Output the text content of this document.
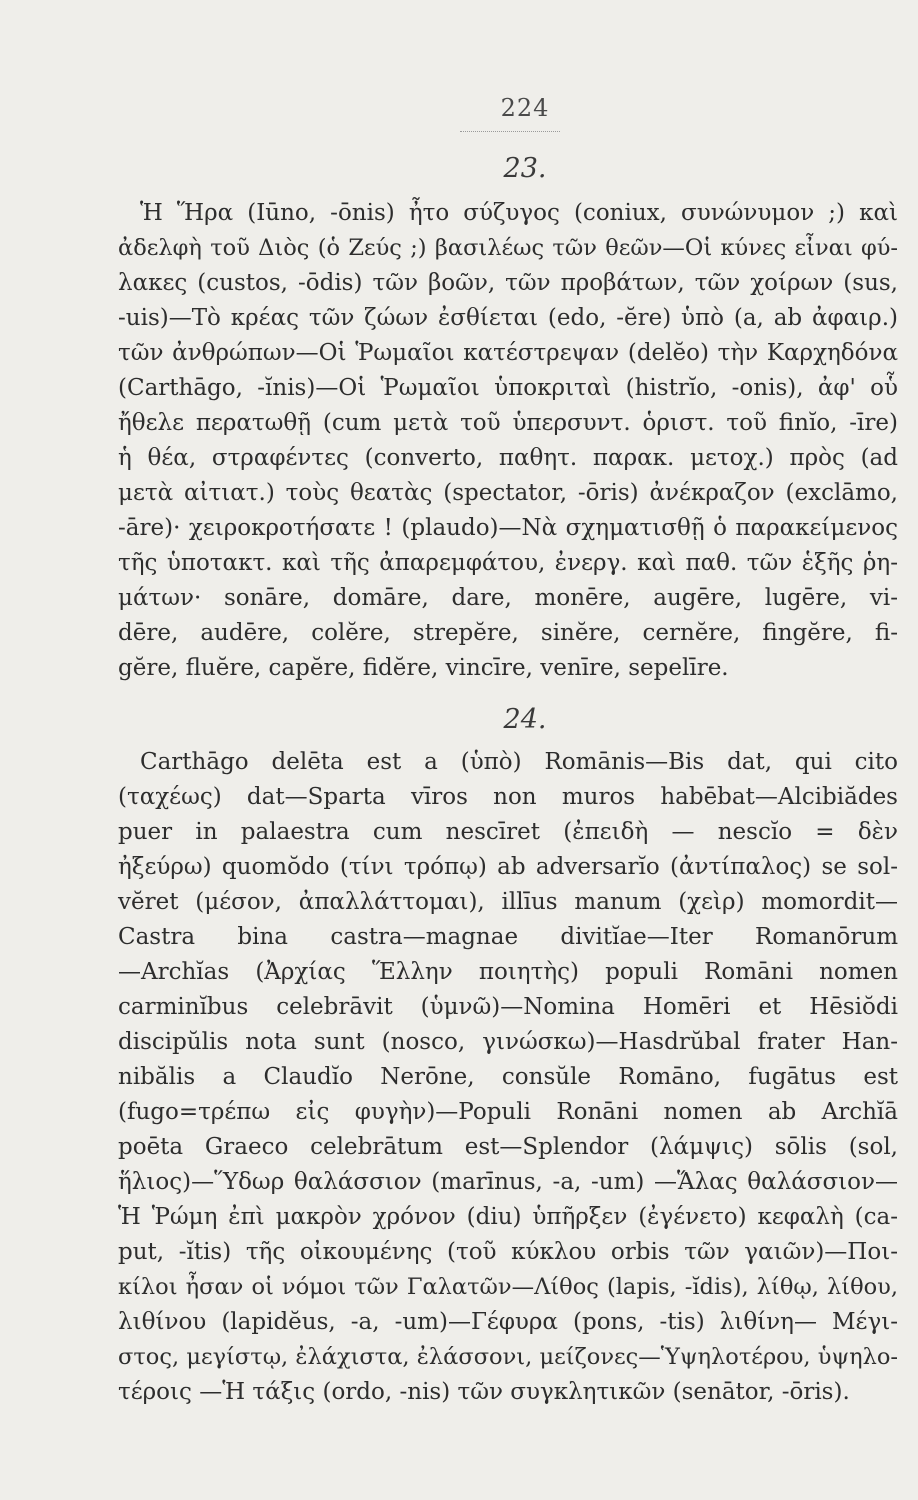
224
23.
Ἡ Ἥρα (Iūno, -ōnis) ἦτο σύζυγος (coniux, συνώνυμον ;) καὶ
ἀδελφὴ τοῦ Διὸς (ὁ Ζεύς ;) βασιλέως τῶν θεῶν—Οἱ κύνες εἶναι φύ-
λακες (custos, -ōdis) τῶν βοῶν, τῶν προβάτων, τῶν χοίρων (sus,
-uis)—Τὸ κρέας τῶν ζώων ἐσθίεται (edo, -ĕre) ὑπὸ (a, ab ἀφαιρ.)
τῶν ἀνθρώπων—Οἱ Ῥωμαῖοι κατέστρεψαν (delĕo) τὴν Καρχηδόνα
(Carthāgo, -ĭnis)—Οἱ Ῥωμαῖοι ὑποκριταὶ (histrĭo, -onis), ἀφ' οὗ
ἤθελε περατωθῇ (cum μετὰ τοῦ ὑπερσυντ. ὁριστ. τοῦ finĭo, -īre)
ἡ θέα, στραφέντες (converto, παθητ. παρακ. μετοχ.) πρὸς (ad
μετὰ αἰτιατ.) τοὺς θεατὰς (spectator, -ōris) ἀνέκραζον (exclāmo,
-āre)· χειροκροτήσατε ! (plaudo)—Νὰ σχηματισθῇ ὁ παρακείμενος
τῆς ὑποτακτ. καὶ τῆς ἀπαρεμφάτου, ἐνεργ. καὶ παθ. τῶν ἑξῆς ῥη-
μάτων· sonāre, domāre, dare, monēre, augēre, lugēre, vi-
dēre, audēre, colĕre, strepĕre, sinĕre, cernĕre, fingĕre, fi-
gĕre, fluĕre, capĕre, fidĕre, vincīre, venīre, sepelīre.
24.
Carthāgo delēta est a (ὑπὸ) Romānis—Bis dat, qui cito
(ταχέως) dat—Sparta vīros non muros habēbat—Alcibiădes
puer in palaestra cum nescīret (ἐπειδὴ — nescĭo = δὲν
ἠξεύρω) quomŏdo (τίνι τρόπῳ) ab adversarĭo (ἀντίπαλος) se sol-
vĕret (μέσον, ἀπαλλάττομαι), illīus manum (χεὶρ) momordit—
Castra bina castra—magnae divitĭae—Iter Romanōrum
—Archĭas (Ἀρχίας Ἕλλην ποιητὴς) populi Romāni nomen
carminĭbus celebrāvit (ὑμνῶ)—Nomina Homēri et Hēsiŏdi
discipŭlis nota sunt (nosco, γινώσκω)—Hasdrŭbal frater Han-
nibălis a Claudĭo Nerōne, consŭle Romāno, fugātus est
(fugo=τρέπω εἰς φυγὴν)—Populi Ronāni nomen ab Archĭā
poēta Graeco celebrātum est—Splendor (λάμψις) sōlis (sol,
ἥλιος)—Ὕδωρ θαλάσσιον (marīnus, -a, -um) —Ἅλας θαλάσσιον—
Ἡ Ῥώμη ἐπὶ μακρὸν χρόνον (diu) ὑπῆρξεν (ἐγένετο) κεφαλὴ (ca-
put, -ĭtis) τῆς οἰκουμένης (τοῦ κύκλου orbis τῶν γαιῶν)—Ποι-
κίλοι ἦσαν οἱ νόμοι τῶν Γαλατῶν—Λίθος (lapis, -ĭdis), λίθῳ, λίθου,
λιθίνου (lapidĕus, -a, -um)—Γέφυρα (pons, -tis) λιθίνη— Μέγι-
στος, μεγίστῳ, ἐλάχιστα, ἐλάσσονι, μείζονες—Ὑψηλοτέρου, ὑψηλο-
τέροις —Ἡ τάξις (ordo, -nis) τῶν συγκλητικῶν (senātor, -ōris).
